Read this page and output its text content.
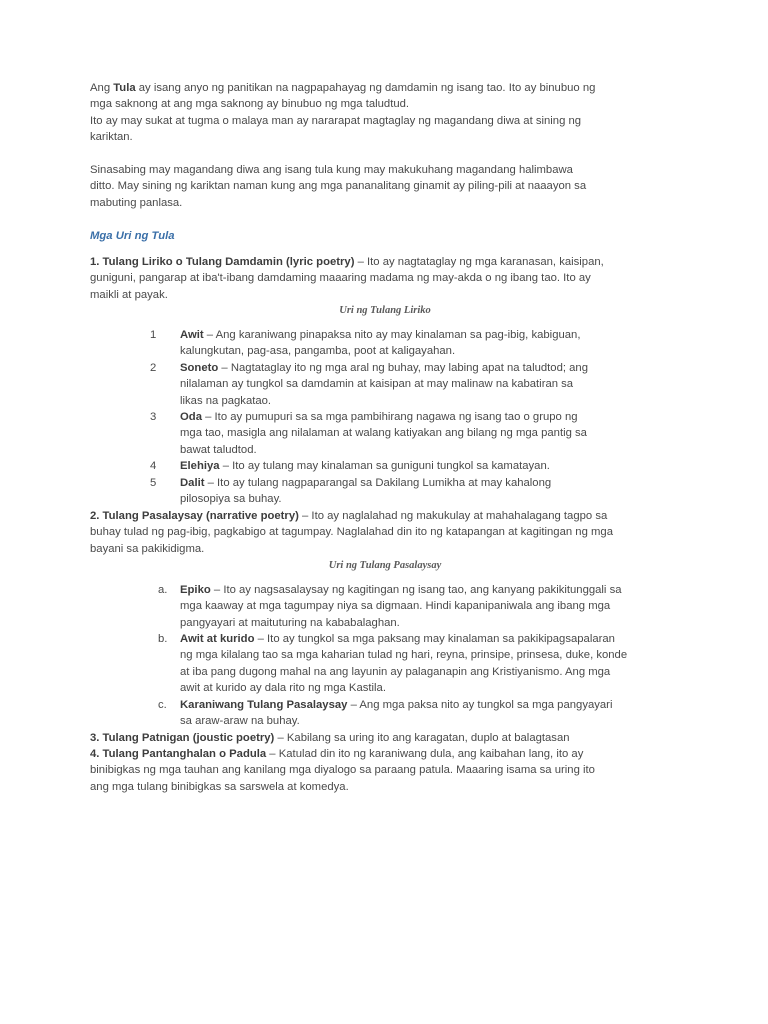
Ang Tula ay isang anyo ng panitikan na nagpapahayag ng damdamin ng isang tao. Ito ay binubuo ng
mga saknong at ang mga saknong ay binubuo ng mga taludtud.
Ito ay may sukat at tugma o malaya man ay nararapat magtaglay ng magandang diwa at sining ng
kariktan.
Sinasabing may magandang diwa ang isang tula kung may makukuhang magandang halimbawa
ditto. May sining ng kariktan naman kung ang mga pananalitang ginamit ay piling-pili at naaayon sa
mabuting panlasa.
Mga Uri ng Tula
1. Tulang Liriko o Tulang Damdamin (lyric poetry) – Ito ay nagtataglay ng mga karanasan, kaisipan,
guniguni, pangarap at iba't-ibang damdaming maaaring madama ng may-akda o ng ibang tao. Ito ay
maikli at payak.
Uri ng Tulang Liriko
1	Awit – Ang karaniwang pinapaksa nito ay may kinalaman sa pag-ibig, kabiguan,
kalungkutan, pag-asa, pangamba, poot at kaligayahan.
2	Soneto – Nagtataglay ito ng mga aral ng buhay, may labing apat na taludtod; ang
nilalaman ay tungkol sa damdamin at kaisipan at may malinaw na kabatiran sa
likas na pagkatao.
3	Oda – Ito ay pumupuri sa sa mga pambihirang nagawa ng isang tao o grupo ng
mga tao, masigla ang nilalaman at walang katiyakan ang bilang ng mga pantig sa
bawat taludtod.
4	Elehiya – Ito ay tulang may kinalaman sa guniguni tungkol sa kamatayan.
5	Dalit – Ito ay tulang nagpaparangal sa Dakilang Lumikha at may kahalong
pilosopiya sa buhay.
2. Tulang Pasalaysay (narrative poetry) – Ito ay naglalahad ng makukulay at mahahalagang tagpo sa
buhay tulad ng pag-ibig, pagkabigo at tagumpay. Naglalahad din ito ng katapangan at kagitingan ng mga
bayani sa pakikidigma.
Uri ng Tulang Pasalaysay
a.	Epiko – Ito ay nagsasalaysay ng kagitingan ng isang tao, ang kanyang pakikitunggali sa
mga kaaway at mga tagumpay niya sa digmaan. Hindi kapanipaniwala ang ibang mga
pangyayari at maituturing na kababalaghan.
b.	Awit at kurido – Ito ay tungkol sa mga paksang may kinalaman sa pakikipagsapalaran
ng mga kilalang tao sa mga kaharian tulad ng hari, reyna, prinsipe, prinsesa, duke, konde
at iba pang dugong mahal na ang layunin ay palaganapin ang Kristiyanismo. Ang mga
awit at kurido ay dala rito ng mga Kastila.
c.	Karaniwang Tulang Pasalaysay – Ang mga paksa nito ay tungkol sa mga pangyayari
sa araw-araw na buhay.
3. Tulang Patnigan (joustic poetry) – Kabilang sa uring ito ang karagatan, duplo at balagtasan
4. Tulang Pantanghalan o Padula – Katulad din ito ng karaniwang dula, ang kaibahan lang, ito ay
binibigkas ng mga tauhan ang kanilang mga diyalogo sa paraang patula. Maaaring isama sa uring ito
ang mga tulang binibigkas sa sarswela at komedya.
